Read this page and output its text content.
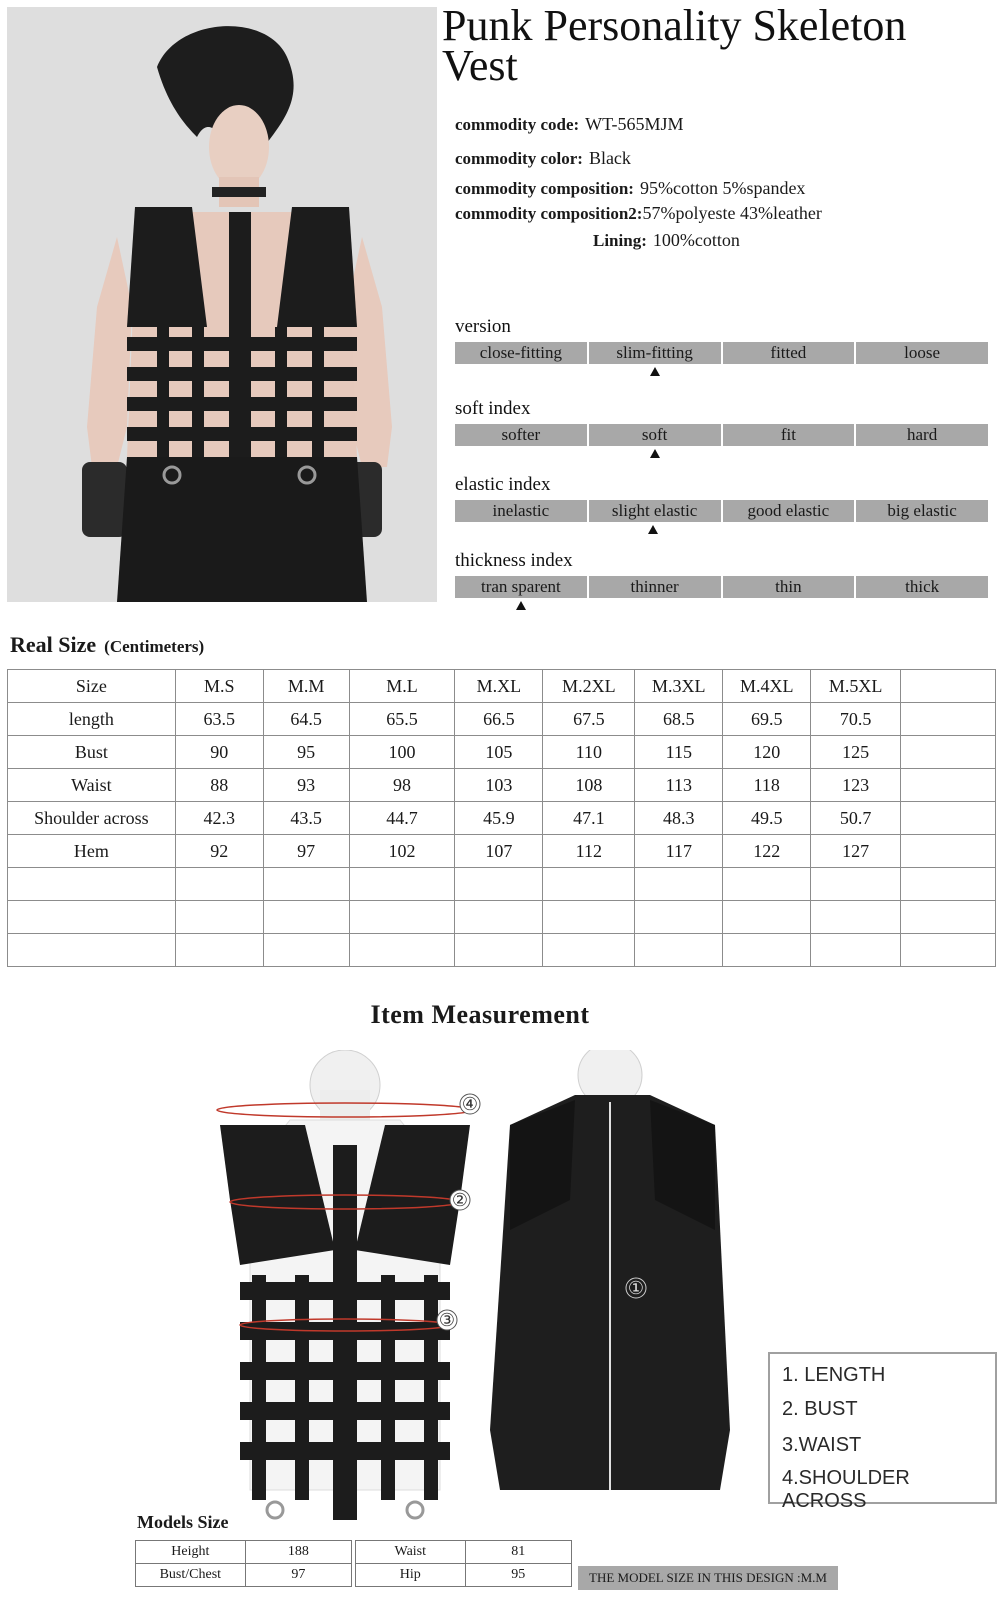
Punk Personality Skeleton Vest
commodity code: WT-565MJM
commodity color: Black
commodity composition: 95%cotton 5%spandex
commodity composition2:57%polyeste 43%leather
Lining: 100%cotton
version
close-fitting	slim-fitting	fitted	loose
soft index
softer	soft	fit	hard
elastic index
inelastic	slight elastic	good elastic	big elastic
thickness index
tran sparent	thinner	thin	thick
Real Size (Centimeters)
Size	M.S	M.M	M.L	M.XL	M.2XL	M.3XL	M.4XL	M.5XL	
length	63.5	64.5	65.5	66.5	67.5	68.5	69.5	70.5	
Bust	90	95	100	105	110	115	120	125	
Waist	88	93	98	103	108	113	118	123	
Shoulder across	42.3	43.5	44.7	45.9	47.1	48.3	49.5	50.7	
Hem	92	97	102	107	112	117	122	127	

Item Measurement
④
②
③
①
1. LENGTH
2. BUST
3.WAIST
4.SHOULDER ACROSS
Models Size
Height	188
Bust/Chest	97
Waist	81
Hip	95	THE MODEL SIZE IN THIS DESIGN :M.M
